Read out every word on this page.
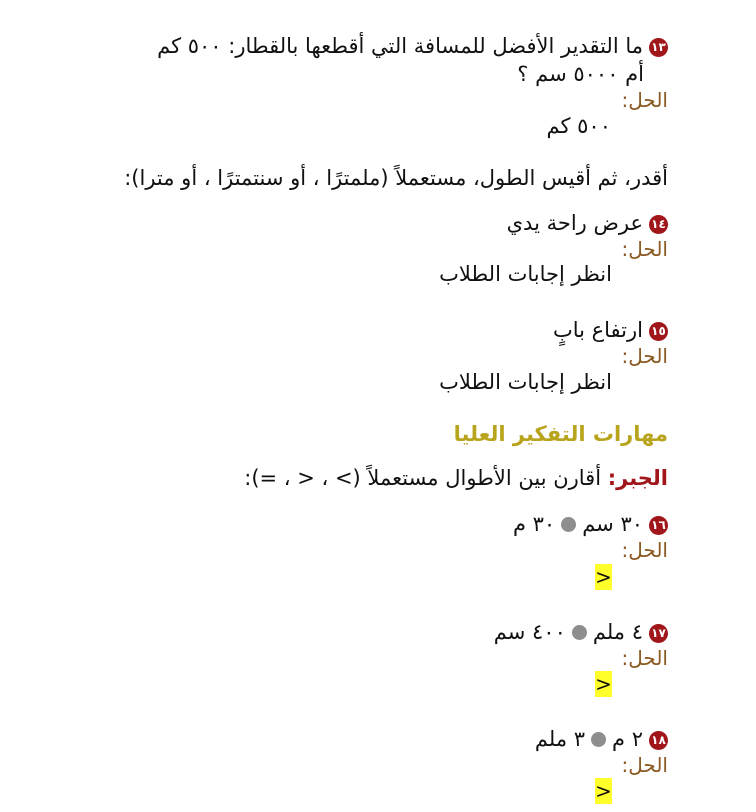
١٣ما التقدير الأفضل للمسافة التي أقطعها بالقطار: ٥٠٠ كم
أم ٥٠٠٠ سم ؟
الحل:
٥٠٠ كم
أقدر، ثم أقيس الطول، مستعملاً (ملمترًا ، أو سنتمترًا ، أو مترا):
١٤عرض راحة يدي
الحل:
انظر إجابات الطلاب
١٥ارتفاع بابٍ
الحل:
انظر إجابات الطلاب
مهارات التفكير العليا
الجبر: أقارن بين الأطوال مستعملاً (> ، < ، =):
١٦٣٠ سم٣٠ م
الحل:
>
١٧٤ ملم٤٠٠ سم
الحل:
>
١٨٢ م٣ ملم
الحل:
>
